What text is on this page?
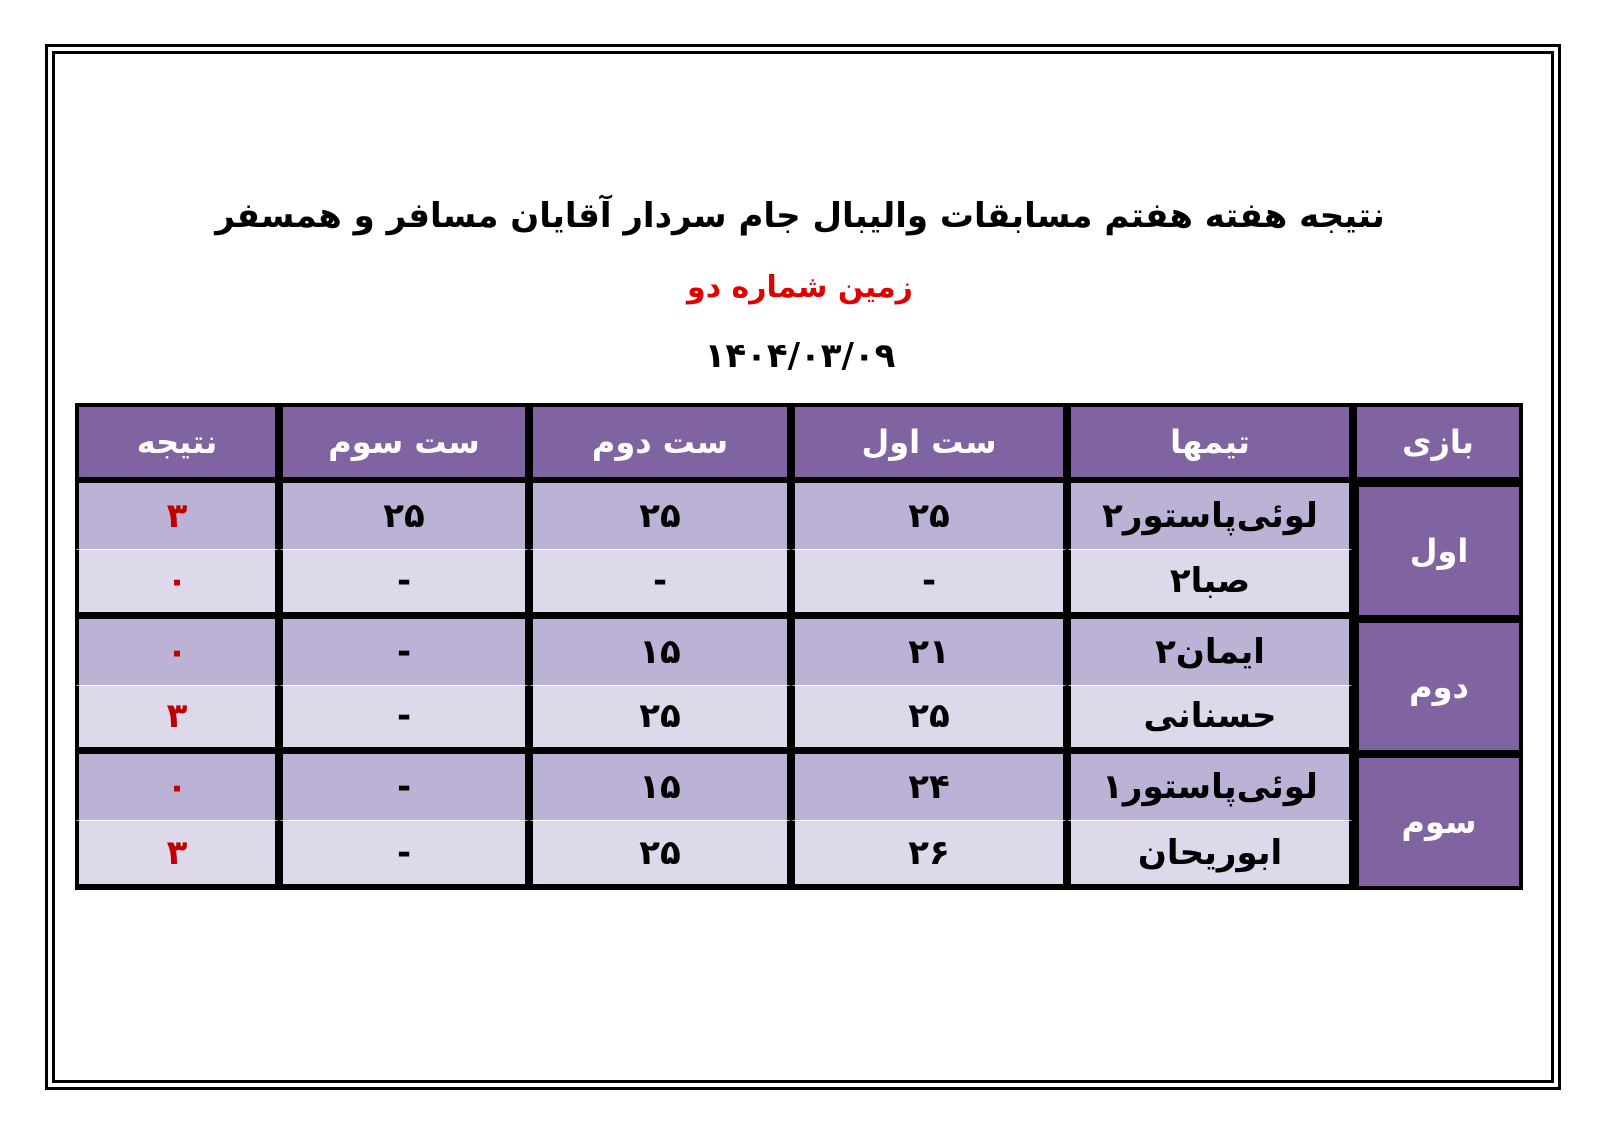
نتیجه هفته هفتم مسابقات والیبال جام سردار آقایان مسافر و همسفر
زمین شماره دو
۱۴۰۴/۰۳/۰۹
بازی	تیمها	ست اول	ست دوم	ست سوم	نتیجه
اول	لوئی‌پاستور۲	۲۵	۲۵	۲۵	۳
	صبا۲	-	-	-	۰
دوم	ایمان۲	۲۱	۱۵	-	۰
	حسنانی	۲۵	۲۵	-	۳
سوم	لوئی‌پاستور۱	۲۴	۱۵	-	۰
	ابوریحان	۲۶	۲۵	-	۳
